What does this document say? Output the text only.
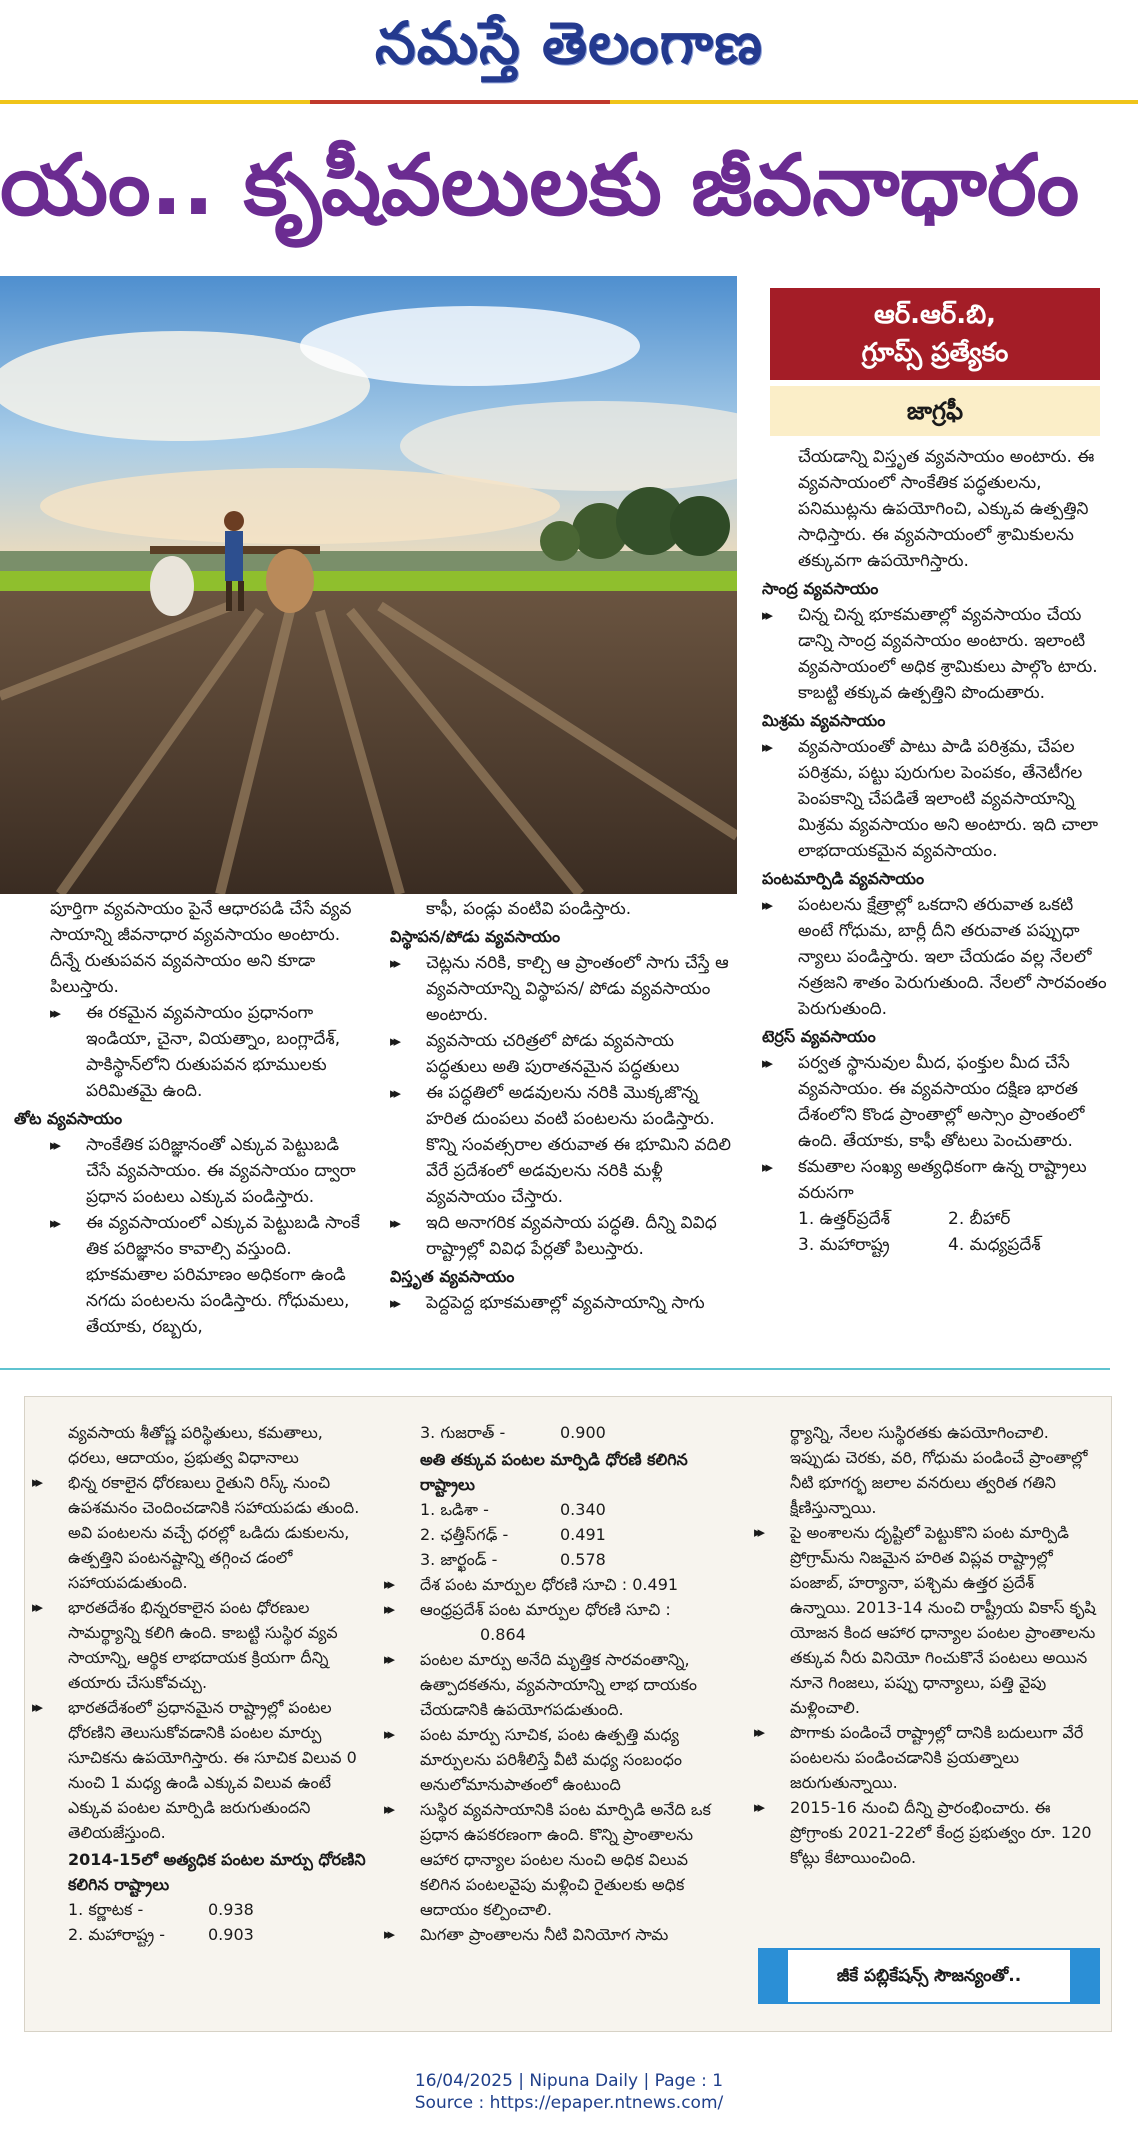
నమస్తే తెలంగాణ
యం.. కృషీవలులకు జీవనాధారం

పూర్తిగా వ్యవసాయం పైనే ఆధారపడి చేసే వ్యవ సాయాన్ని జీవనాధార వ్యవసాయం అంటారు. దీన్నే రుతుపవన వ్యవసాయం అని కూడా పిలుస్తారు.

▸▸ ఈ రకమైన వ్యవసాయం ప్రధానంగా ఇండియా, చైనా, వియత్నాం, బంగ్లాదేశ్, పాకిస్థాన్‌లోని రుతుపవన భూములకు పరిమితమై ఉంది.

తోట వ్యవసాయం

▸▸ సాంకేతిక పరిజ్ఞానంతో ఎక్కువ పెట్టుబడి చేసే వ్యవసాయం. ఈ వ్యవసాయం ద్వారా ప్రధాన పంటలు ఎక్కువ పండిస్తారు.

▸▸ ఈ వ్యవసాయంలో ఎక్కువ పెట్టుబడి సాంకే తిక పరిజ్ఞానం కావాల్సి వస్తుంది. భూకమతాల పరిమాణం అధికంగా ఉండి నగదు పంటలను పండిస్తారు. గోధుమలు, తేయాకు, రబ్బరు,

కాఫీ, పండ్లు వంటివి పండిస్తారు.

విస్థాపన/పోడు వ్యవసాయం

▸▸ చెట్లను నరికి, కాల్చి ఆ ప్రాంతంలో సాగు చేస్తే ఆ వ్యవసాయాన్ని విస్థాపన/ పోడు వ్యవసాయం అంటారు.

▸▸ వ్యవసాయ చరిత్రలో పోడు వ్యవసాయ పద్ధతులు అతి పురాతనమైన పద్ధతులు

▸▸ ఈ పద్ధతిలో అడవులను నరికి మొక్కజొన్న హరిత దుంపలు వంటి పంటలను పండిస్తారు. కొన్ని సంవత్సరాల తరువాత ఈ భూమిని వదిలి వేరే ప్రదేశంలో అడవులను నరికి మళ్లీ వ్యవసాయం చేస్తారు.

▸▸ ఇది అనాగరిక వ్యవసాయ పద్ధతి. దీన్ని వివిధ రాష్ట్రాల్లో వివిధ పేర్లతో పిలుస్తారు.

విస్తృత వ్యవసాయం

▸▸ పెద్దపెద్ద భూకమతాల్లో వ్యవసాయాన్ని సాగు

ఆర్.ఆర్.బి,
గ్రూప్స్ ప్రత్యేకం
జాగ్రఫీ

చేయడాన్ని విస్తృత వ్యవసాయం అంటారు. ఈ వ్యవసాయంలో సాంకేతిక పద్ధతులను, పనిముట్లను ఉపయోగించి, ఎక్కువ ఉత్పత్తిని సాధిస్తారు. ఈ వ్యవసాయంలో శ్రామికులను తక్కువగా ఉపయోగిస్తారు.

సాంద్ర వ్యవసాయం

▸▸ చిన్న చిన్న భూకమతాల్లో వ్యవసాయం చేయ డాన్ని సాంద్ర వ్యవసాయం అంటారు. ఇలాంటి వ్యవసాయంలో అధిక శ్రామికులు పాల్గొం టారు. కాబట్టి తక్కువ ఉత్పత్తిని పొందుతారు.

మిశ్రమ వ్యవసాయం

▸▸ వ్యవసాయంతో పాటు పాడి పరిశ్రమ, చేపల పరిశ్రమ, పట్టు పురుగుల పెంపకం, తేనెటీగల పెంపకాన్ని చేపడితే ఇలాంటి వ్యవసాయాన్ని మిశ్రమ వ్యవసాయం అని అంటారు. ఇది చాలా లాభదాయకమైన వ్యవసాయం.

పంటమార్పిడి వ్యవసాయం

▸▸ పంటలను క్షేత్రాల్లో ఒకదాని తరువాత ఒకటి అంటే గోధుమ, బార్లీ దీని తరువాత పప్పుధా న్యాలు పండిస్తారు. ఇలా చేయడం వల్ల నేలలో నత్రజని శాతం పెరుగుతుంది. నేలలో సారవంతం పెరుగుతుంది.

టెర్రస్ వ్యవసాయం

▸▸ పర్వత స్థానువుల మీద, ఫంక్తుల మీద చేసే వ్యవసాయం. ఈ వ్యవసాయం దక్షిణ భారత దేశంలోని కొండ ప్రాంతాల్లో అస్సాం ప్రాంతంలో ఉంది. తేయాకు, కాఫీ తోటలు పెంచుతారు.

▸▸ కమతాల సంఖ్య అత్యధికంగా ఉన్న రాష్ట్రాలు వరుసగా

1. ఉత్తర్‌ప్రదేశ్	2. బీహార్

3. మహారాష్ట్ర	4. మధ్యప్రదేశ్

వ్యవసాయ శీతోష్ణ పరిస్థితులు, కమతాలు, ధరలు, ఆదాయం, ప్రభుత్వ విధానాలు

▸▸ భిన్న రకాలైన ధోరణులు రైతుని రిస్క్ నుంచి ఉపశమనం చెందించడానికి సహాయపడు తుంది. అవి పంటలను వచ్చే ధరల్లో ఒడిదు డుకులను, ఉత్పత్తిని పంటనష్టాన్ని తగ్గించ డంలో సహాయపడుతుంది.

▸▸ భారతదేశం భిన్నరకాలైన పంట ధోరణుల సామర్థ్యాన్ని కలిగి ఉంది. కాబట్టి సుస్థిర వ్యవ సాయాన్ని, ఆర్థిక లాభదాయక క్రియగా దీన్ని తయారు చేసుకోవచ్చు.

▸▸ భారతదేశంలో ప్రధానమైన రాష్ట్రాల్లో పంటల ధోరణిని తెలుసుకోవడానికి పంటల మార్పు సూచికను ఉపయోగిస్తారు. ఈ సూచిక విలువ 0 నుంచి 1 మధ్య ఉండి ఎక్కువ విలువ ఉంటే ఎక్కువ పంటల మార్పిడి జరుగుతుందని తెలియజేస్తుంది.

2014-15లో అత్యధిక పంటల మార్పు ధోరణిని కలిగిన రాష్ట్రాలు

1. కర్ణాటక -	0.938

2. మహారాష్ట్ర -	0.903

3. గుజరాత్ -	0.900

అతి తక్కువ పంటల మార్పిడి ధోరణి కలిగిన రాష్ట్రాలు

1. ఒడిశా -	0.340

2. ఛత్తీస్‌గఢ్ -	0.491

3. జార్ఖండ్ -	0.578

▸▸ దేశ పంట మార్పుల ధోరణి సూచి : 0.491

▸▸ ఆంధ్రప్రదేశ్ పంట మార్పుల ధోరణి సూచి : 0.864

▸▸ పంటల మార్పు అనేది మృత్తిక సారవంతాన్ని, ఉత్పాదకతను, వ్యవసాయాన్ని లాభ దాయకం చేయడానికి ఉపయోగపడుతుంది.

▸▸ పంట మార్పు సూచిక, పంట ఉత్పత్తి మధ్య మార్పులను పరిశీలిస్తే వీటి మధ్య సంబంధం అనులోమానుపాతంలో ఉంటుంది

▸▸ సుస్థిర వ్యవసాయానికి పంట మార్పిడి అనేది ఒక ప్రధాన ఉపకరణంగా ఉంది. కొన్ని ప్రాంతాలను ఆహార ధాన్యాల పంటల నుంచి అధిక విలువ కలిగిన పంటలవైపు మళ్లించి రైతులకు అధిక ఆదాయం కల్పించాలి.

▸▸ మిగతా ప్రాంతాలను నీటి వినియోగ సామ

ర్థ్యాన్ని, నేలల సుస్థిరతకు ఉపయోగించాలి. ఇప్పుడు చెరకు, వరి, గోధుమ పండించే ప్రాంతాల్లో నీటి భూగర్భ జలాల వనరులు త్వరిత గతిని క్షీణిస్తున్నాయి.

▸▸ పై అంశాలను దృష్టిలో పెట్టుకొని పంట మార్పిడి ప్రోగ్రామ్‌ను నిజమైన హరిత విప్లవ రాష్ట్రాల్లో పంజాబ్, హర్యానా, పశ్చిమ ఉత్తర ప్రదేశ్ ఉన్నాయి. 2013-14 నుంచి రాష్ట్రీయ వికాస్ కృషి యోజన కింద ఆహార ధాన్యాల పంటల ప్రాంతాలను తక్కువ నీరు వినియో గించుకొనే పంటలు అయిన నూనె గింజలు, పప్పు ధాన్యాలు, పత్తి వైపు మళ్లించాలి.

▸▸ పొగాకు పండించే రాష్ట్రాల్లో దానికి బదులుగా వేరే పంటలను పండించడానికి ప్రయత్నాలు జరుగుతున్నాయి.

▸▸ 2015-16 నుంచి దీన్ని ప్రారంభించారు. ఈ ప్రోగ్రాంకు 2021-22లో కేంద్ర ప్రభుత్వం రూ. 120 కోట్లు కేటాయించింది.

జీకే పబ్లికేషన్స్ సౌజన్యంతో..
16/04/2025 | Nipuna Daily | Page : 1
Source : https://epaper.ntnews.com/
